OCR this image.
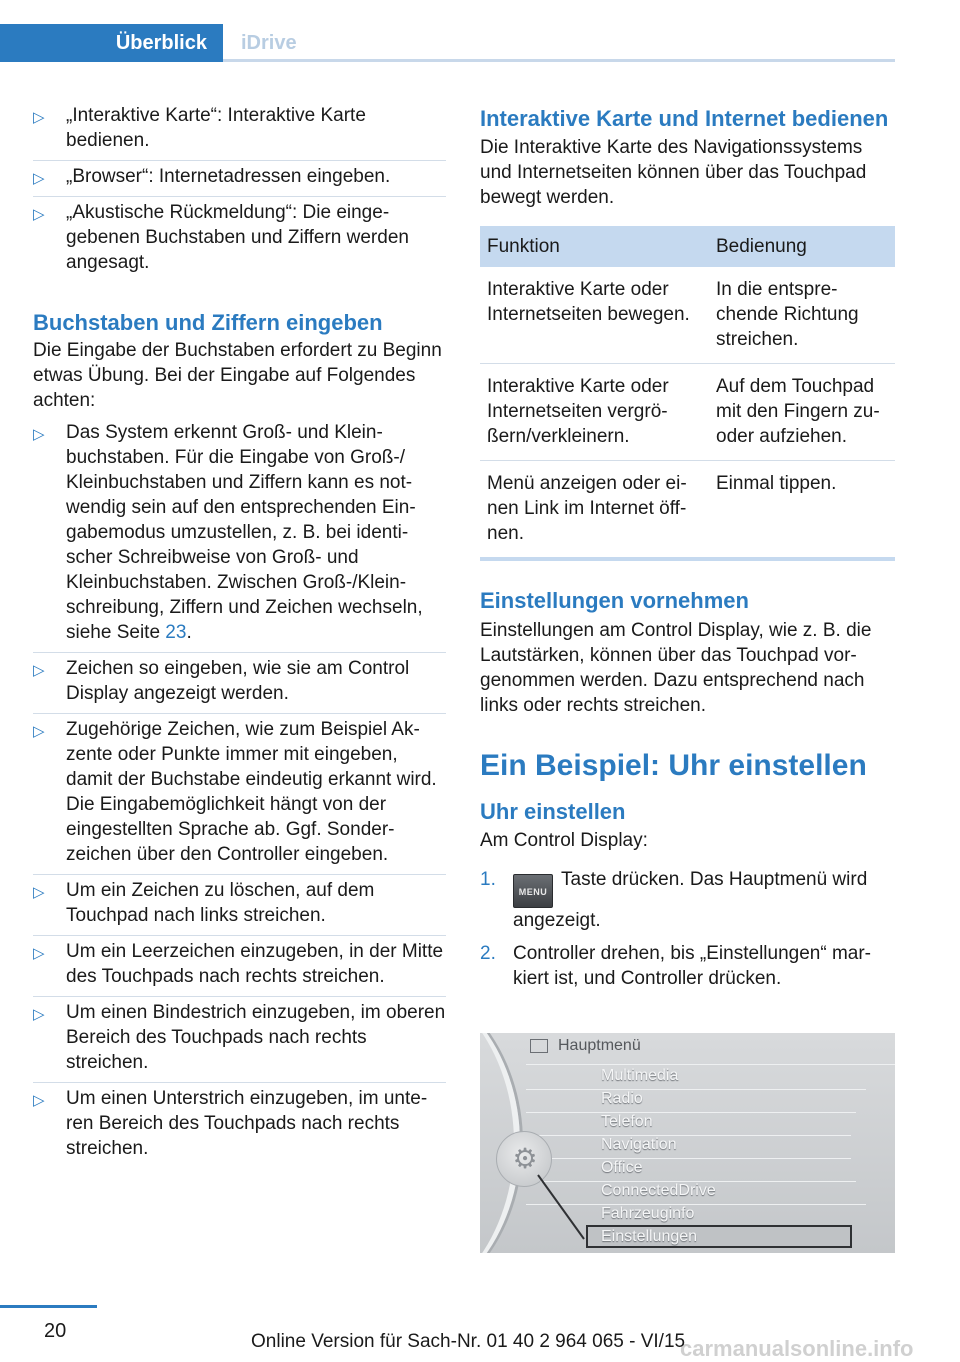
Überblick	iDrive
▷ „Interaktive Karte“: Interaktive Karte bedienen.
▷ „Browser“: Internetadressen eingeben.
▷ „Akustische Rückmeldung“: Die eingegebenen Buchstaben und Ziffern werden angesagt.
Buchstaben und Ziffern eingeben
Die Eingabe der Buchstaben erfordert zu Beginn etwas Übung. Bei der Eingabe auf Folgendes achten:
▷ Das System erkennt Groß- und Kleinbuchstaben. Für die Eingabe von Groß-/ Kleinbuchstaben und Ziffern kann es notwendig sein auf den entsprechenden Eingabemodus umzustellen, z. B. bei identischer Schreibweise von Groß- und Kleinbuchstaben. Zwischen Groß-/Kleinschreibung, Ziffern und Zeichen wechseln, siehe Seite 23.
▷ Zeichen so eingeben, wie sie am Control Display angezeigt werden.
▷ Zugehörige Zeichen, wie zum Beispiel Akzente oder Punkte immer mit eingeben, damit der Buchstabe eindeutig erkannt wird. Die Eingabemöglichkeit hängt von der eingestellten Sprache ab. Ggf. Sonderzeichen über den Controller eingeben.
▷ Um ein Zeichen zu löschen, auf dem Touchpad nach links streichen.
▷ Um ein Leerzeichen einzugeben, in der Mitte des Touchpads nach rechts streichen.
▷ Um einen Bindestrich einzugeben, im oberen Bereich des Touchpads nach rechts streichen.
▷ Um einen Unterstrich einzugeben, im unteren Bereich des Touchpads nach rechts streichen.
Interaktive Karte und Internet bedienen
Die Interaktive Karte des Navigationssystems und Internetseiten können über das Touchpad bewegt werden.
Funktion	Bedienung
Interaktive Karte oder Internetseiten bewegen.	In die entsprechende Richtung streichen.
Interaktive Karte oder Internetseiten vergrößern/verkleinern.	Auf dem Touchpad mit den Fingern zu- oder aufziehen.
Menü anzeigen oder einen Link im Internet öffnen.	Einmal tippen.
Einstellungen vornehmen
Einstellungen am Control Display, wie z. B. die Lautstärken, können über das Touchpad vorgenommen werden. Dazu entsprechend nach links oder rechts streichen.
Ein Beispiel: Uhr einstellen
Uhr einstellen
Am Control Display:
1.
MENUTaste drücken. Das Hauptmenü wird angezeigt.
2. Controller drehen, bis „Einstellungen“ markiert ist, und Controller drücken.
Hauptmenü
Multimedia
Radio
Telefon
Navigation
Office
ConnectedDrive
Fahrzeuginfo
Einstellungen
⚙
20	Online Version für Sach-Nr. 01 40 2 964 065 - VI/15
carmanualsonline.info
